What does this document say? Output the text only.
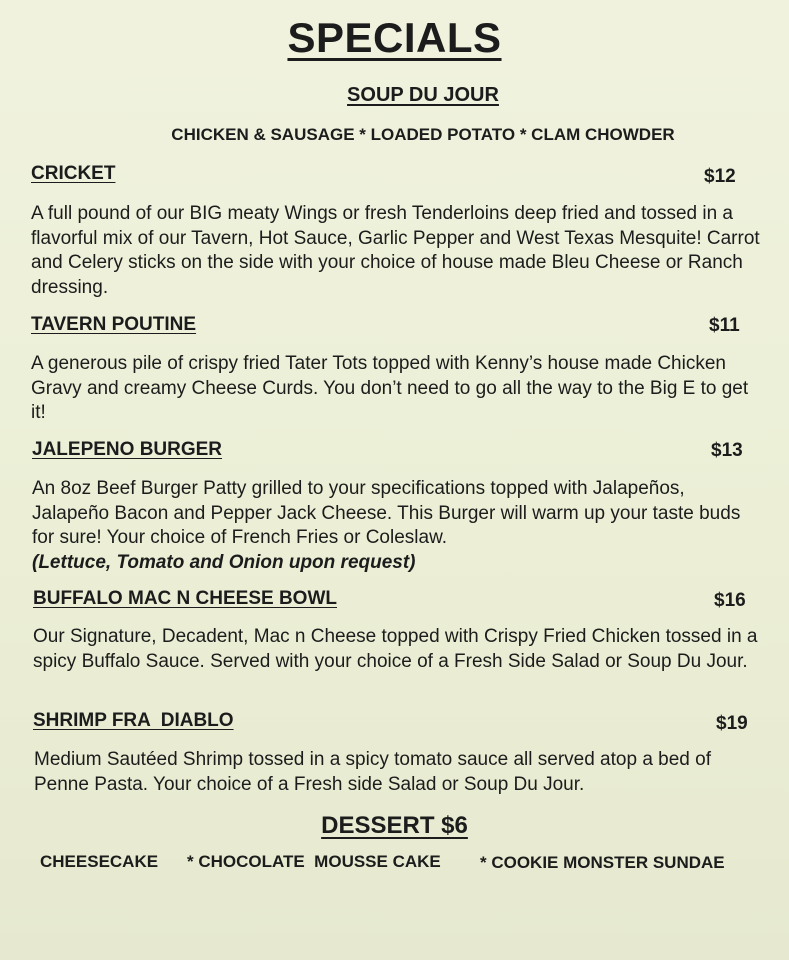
SPECIALS
SOUP DU JOUR
CHICKEN & SAUSAGE * LOADED POTATO * CLAM CHOWDER
CRICKET	$12
A full pound of our BIG meaty Wings or fresh Tenderloins deep fried and tossed in a flavorful mix of our Tavern, Hot Sauce, Garlic Pepper and West Texas Mesquite! Carrot and Celery sticks on the side with your choice of house made Bleu Cheese or Ranch dressing.
TAVERN POUTINE	$11
A generous pile of crispy fried Tater Tots topped with Kenny’s house made Chicken Gravy and creamy Cheese Curds. You don’t need to go all the way to the Big E to get it!
JALEPENO BURGER	$13
An 8oz Beef Burger Patty grilled to your specifications topped with Jalapeños, Jalapeño Bacon and Pepper Jack Cheese. This Burger will warm up your taste buds for sure! Your choice of French Fries or Coleslaw.
(Lettuce, Tomato and Onion upon request)
BUFFALO MAC N CHEESE BOWL	$16
Our Signature, Decadent, Mac n Cheese topped with Crispy Fried Chicken tossed in a spicy Buffalo Sauce. Served with your choice of a Fresh Side Salad or Soup Du Jour.
SHRIMP FRA  DIABLO	$19
Medium Sautéed Shrimp tossed in a spicy tomato sauce all served atop a bed of Penne Pasta. Your choice of a Fresh side Salad or Soup Du Jour.
DESSERT $6
CHEESECAKE * CHOCOLATE  MOUSSE CAKE * COOKIE MONSTER SUNDAE
